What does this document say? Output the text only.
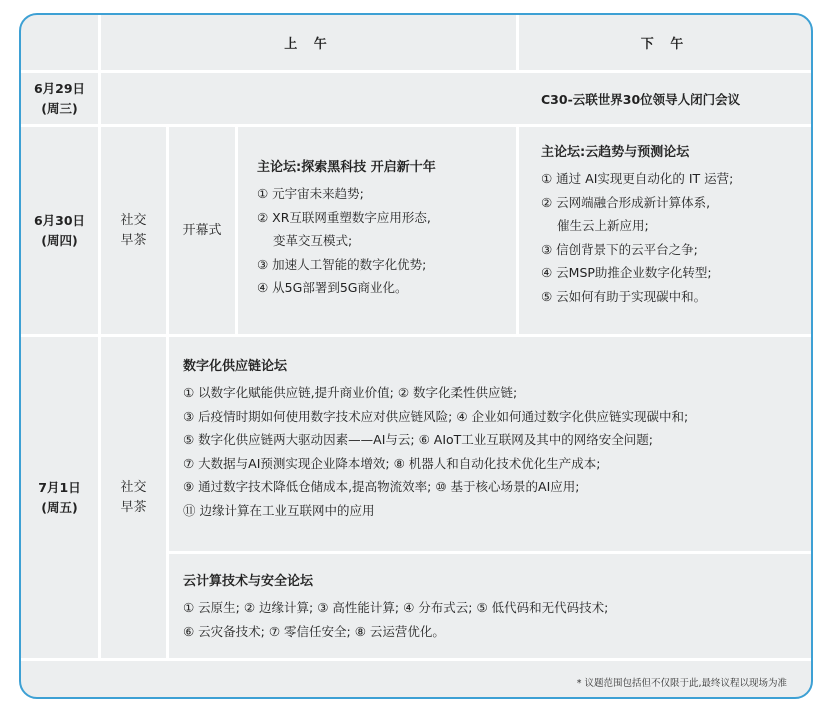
上 午	下 午
6月29日
(周三)
C30-云联世界30位领导人闭门会议
6月30日
(周四)
社交
早茶
开幕式
主论坛:探索黑科技 开启新十年
① 元宇宙未来趋势;
② XR互联网重塑数字应用形态,
变革交互模式;
③ 加速人工智能的数字化优势;
④ 从5G部署到5G商业化。
主论坛:云趋势与预测论坛
① 通过 AI实现更自动化的 IT 运营;
② 云网端融合形成新计算体系,
催生云上新应用;
③ 信创背景下的云平台之争;
④ 云MSP助推企业数字化转型;
⑤ 云如何有助于实现碳中和。
7月1日
(周五)
社交
早茶
数字化供应链论坛
① 以数字化赋能供应链,提升商业价值; ② 数字化柔性供应链;
③ 后疫情时期如何使用数字技术应对供应链风险; ④ 企业如何通过数字化供应链实现碳中和;
⑤ 数字化供应链两大驱动因素——AI与云; ⑥ AIoT工业互联网及其中的网络安全问题;
⑦ 大数据与AI预测实现企业降本增效; ⑧ 机器人和自动化技术优化生产成本;
⑨ 通过数字技术降低仓储成本,提高物流效率; ⑩ 基于核心场景的AI应用;
⑪ 边缘计算在工业互联网中的应用
云计算技术与安全论坛
① 云原生; ② 边缘计算; ③ 高性能计算; ④ 分布式云; ⑤ 低代码和无代码技术;
⑥ 云灾备技术; ⑦ 零信任安全; ⑧ 云运营优化。
* 议题范围包括但不仅限于此,最终议程以现场为准
